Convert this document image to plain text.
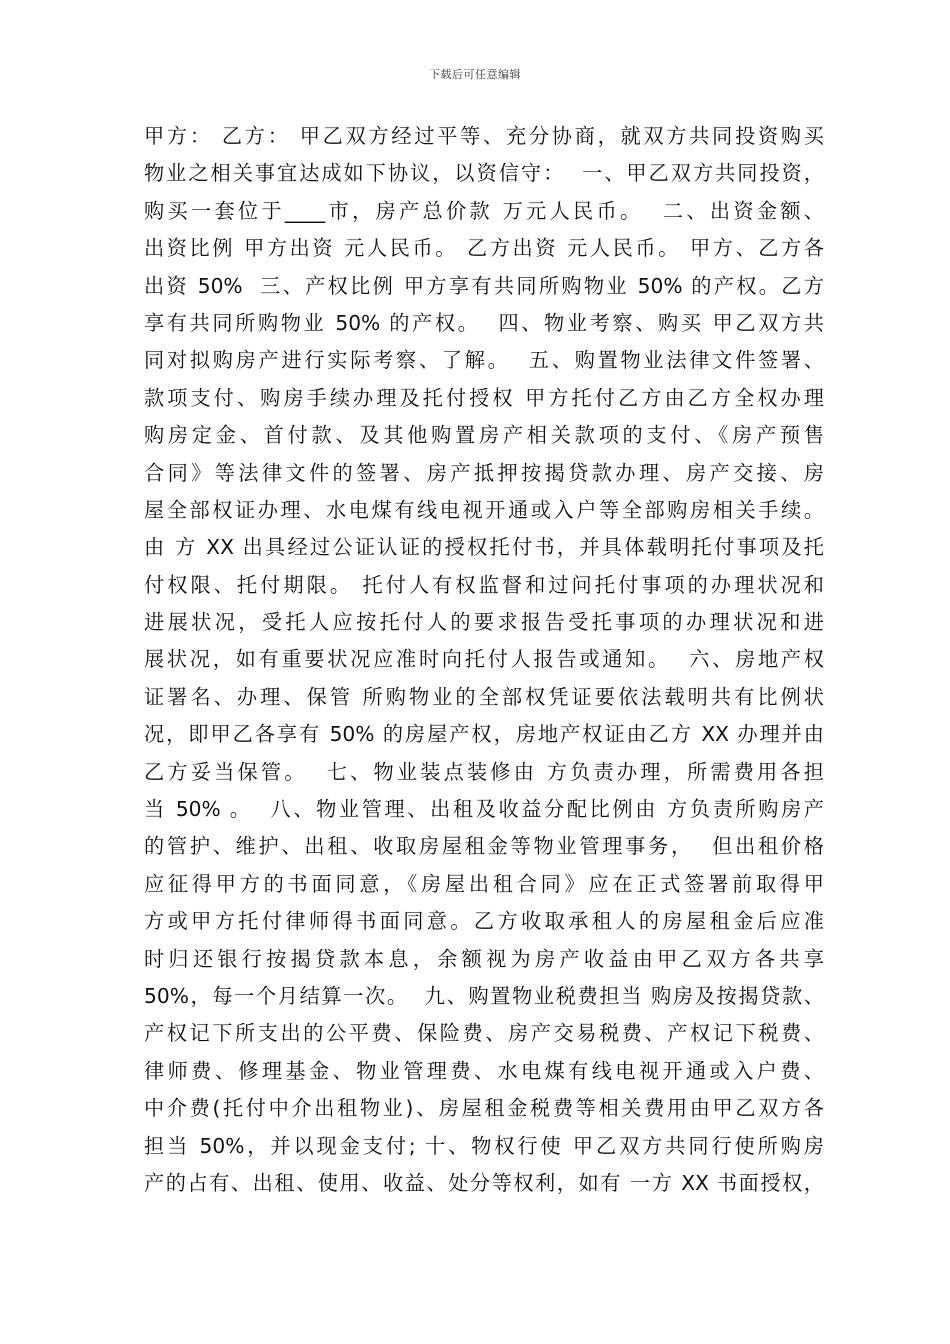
下载后可任意编辑
甲方： 乙方： 甲乙双方经过平等、充分协商，就双方共同投资购买
物业之相关事宜达成如下协议，以资信守：  一、甲乙双方共同投资，
购买一套位于____市，房产总价款 万元人民币。  二、出资金额、
出资比例 甲方出资 元人民币。 乙方出资 元人民币。 甲方、乙方各
出资 50%  三、产权比例 甲方享有共同所购物业 50% 的产权。乙方
享有共同所购物业 50% 的产权。  四、物业考察、购买 甲乙双方共
同对拟购房产进行实际考察、了解。  五、购置物业法律文件签署、
款项支付、购房手续办理及托付授权 甲方托付乙方由乙方全权办理
购房定金、首付款、及其他购置房产相关款项的支付、《房产预售
合同》等法律文件的签署、房产抵押按揭贷款办理、房产交接、房
屋全部权证办理、水电煤有线电视开通或入户等全部购房相关手续。
由 方 XX 出具经过公证认证的授权托付书，并具体载明托付事项及托
付权限、托付期限。 托付人有权监督和过问托付事项的办理状况和
进展状况，受托人应按托付人的要求报告受托事项的办理状况和进
展状况，如有重要状况应准时向托付人报告或通知。  六、房地产权
证署名、办理、保管 所购物业的全部权凭证要依法载明共有比例状
况，即甲乙各享有 50% 的房屋产权，房地产权证由乙方 XX 办理并由
乙方妥当保管。  七、物业装点装修由 方负责办理，所需费用各担
当 50% 。  八、物业管理、出租及收益分配比例由 方负责所购房产
的管护、维护、出租、收取房屋租金等物业管理事务，  但出租价格
应征得甲方的书面同意，《房屋出租合同》应在正式签署前取得甲
方或甲方托付律师得书面同意。乙方收取承租人的房屋租金后应准
时归还银行按揭贷款本息，余额视为房产收益由甲乙双方各共享
50%，每一个月结算一次。  九、购置物业税费担当 购房及按揭贷款、
产权记下所支出的公平费、保险费、房产交易税费、产权记下税费、
律师费、修理基金、物业管理费、水电煤有线电视开通或入户费、
中介费(托付中介出租物业)、房屋租金税费等相关费用由甲乙双方各
担当 50%，并以现金支付; 十、物权行使 甲乙双方共同行使所购房
产的占有、出租、使用、收益、处分等权利，如有 一方 XX 书面授权，
